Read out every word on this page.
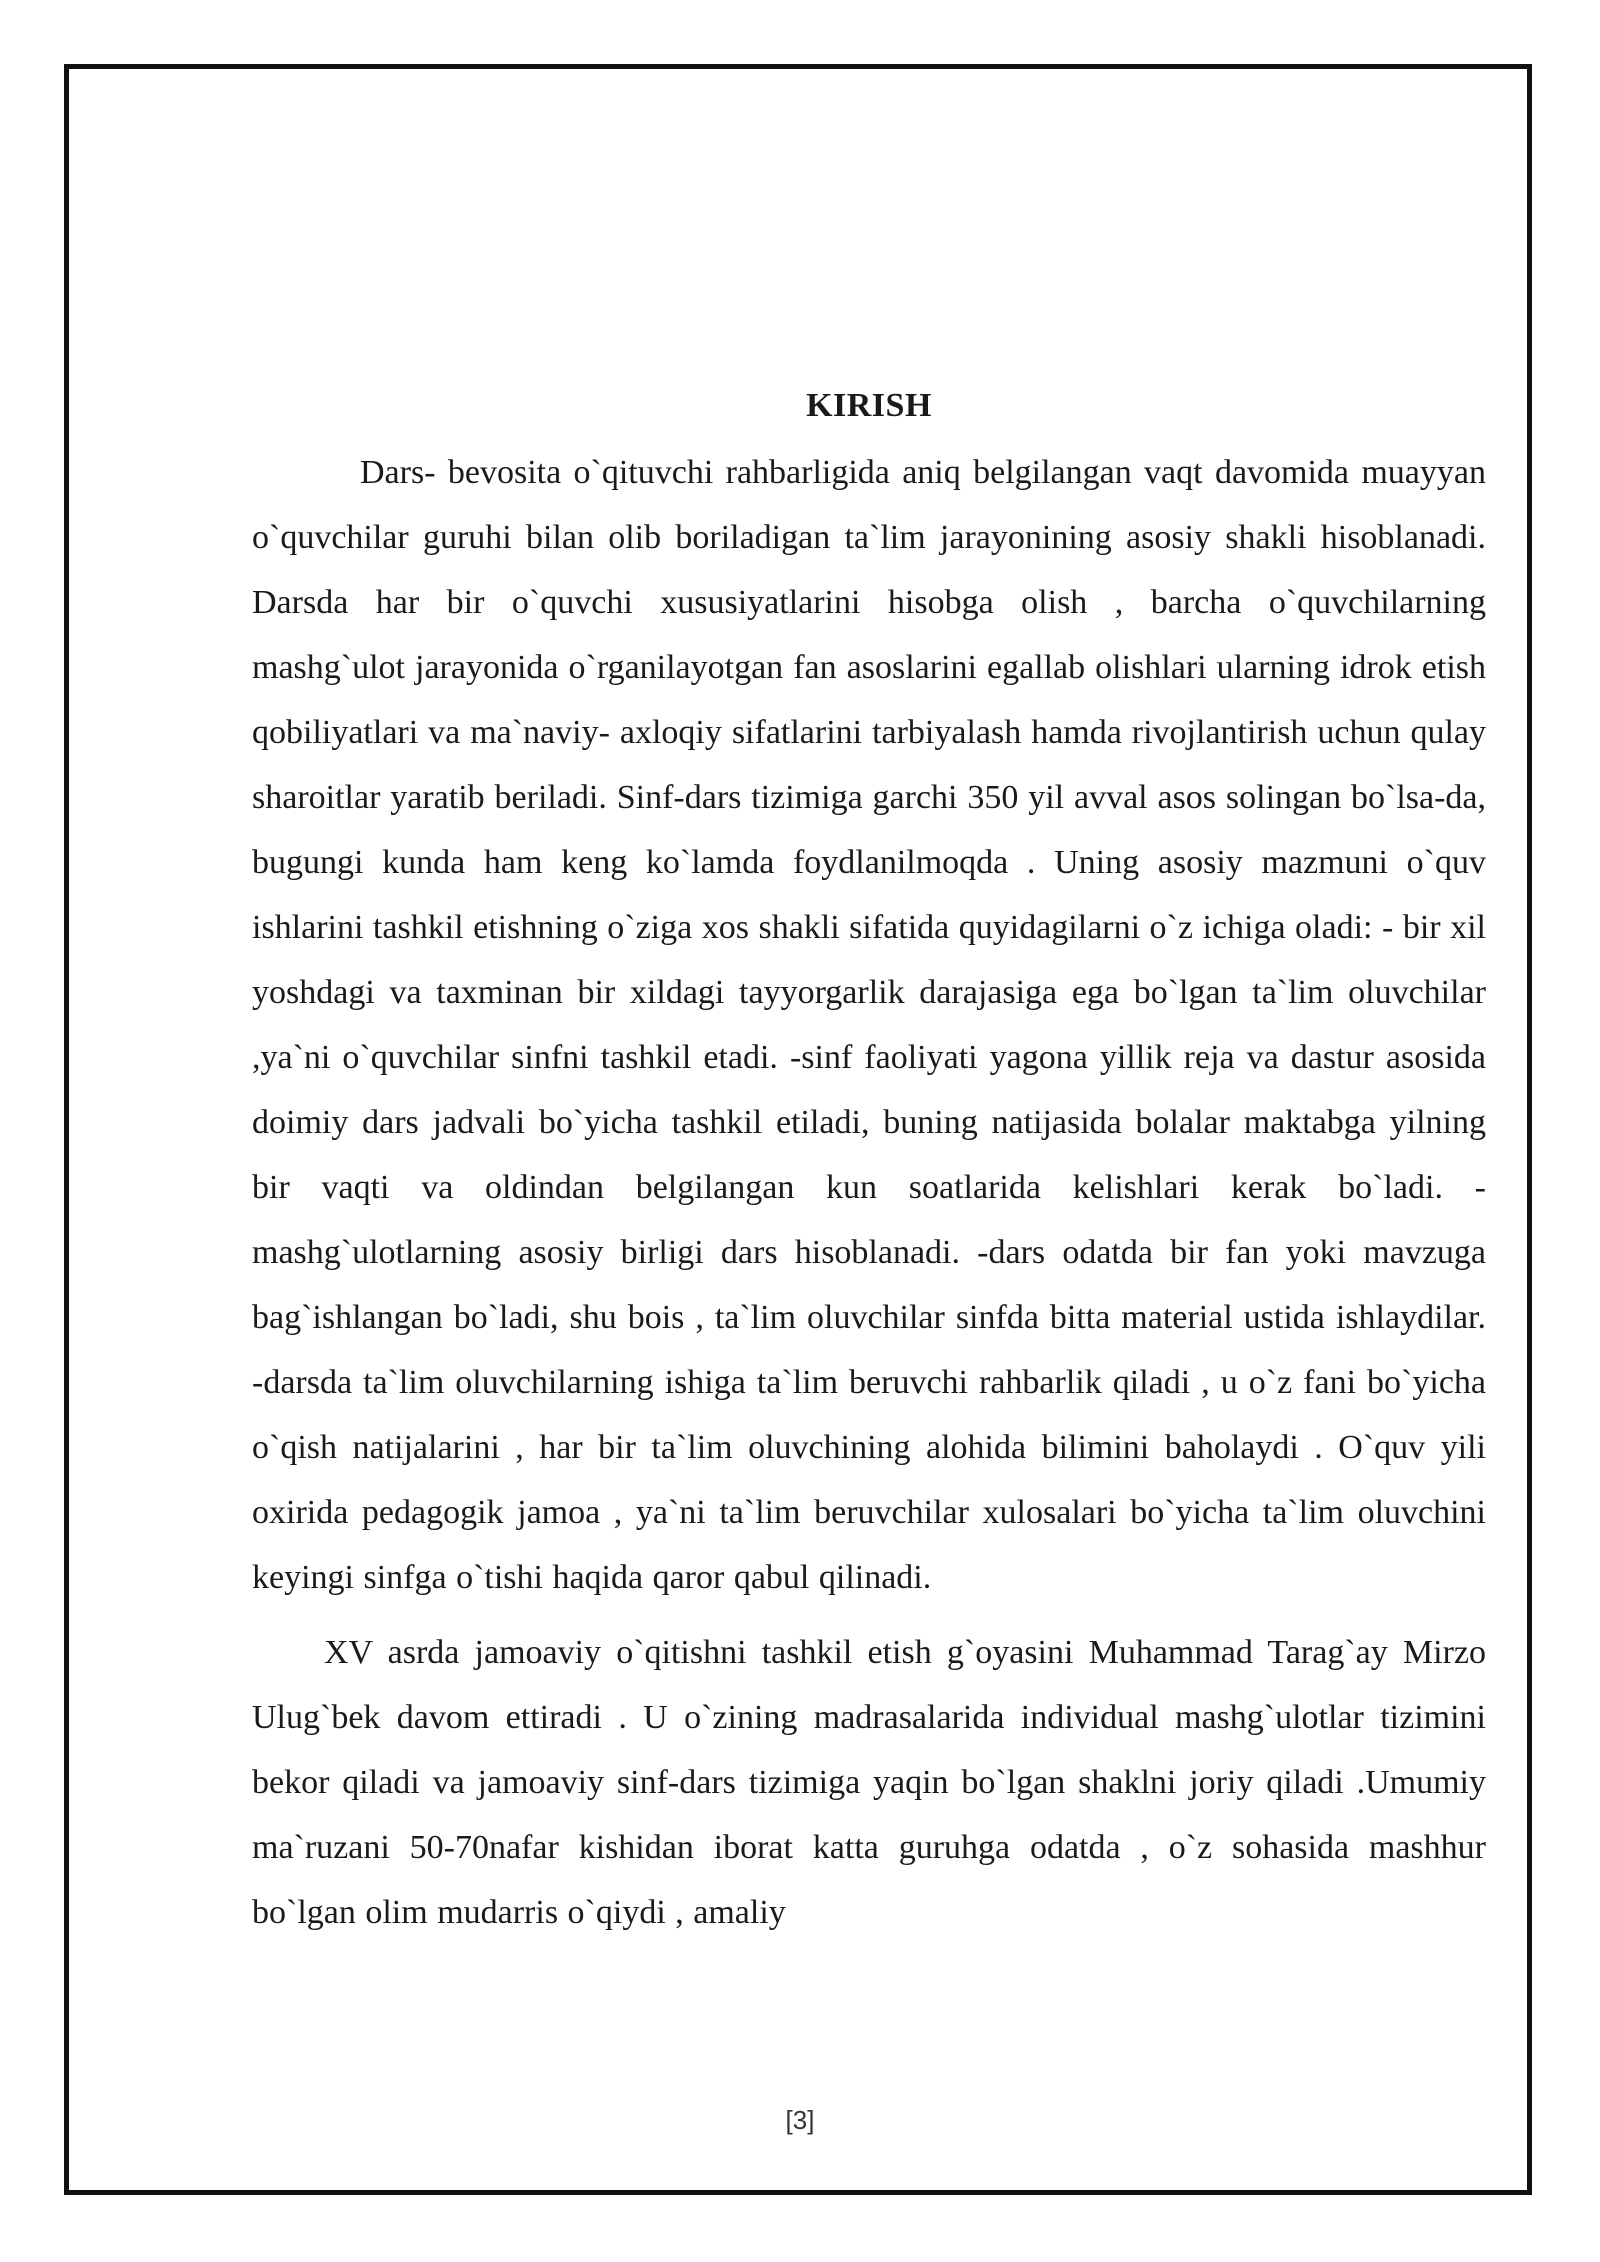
KIRISH

Dars- bevosita o`qituvchi rahbarligida aniq belgilangan vaqt davomida muayyan o`quvchilar guruhi bilan olib boriladigan ta`lim jarayonining asosiy shakli hisoblanadi. Darsda har bir o`quvchi xususiyatlarini hisobga olish , barcha o`quvchilarning mashg`ulot jarayonida o`rganilayotgan fan asoslarini egallab olishlari ularning idrok etish qobiliyatlari va ma`naviy- axloqiy sifatlarini tarbiyalash hamda rivojlantirish uchun qulay sharoitlar yaratib beriladi. Sinf-dars tizimiga garchi 350 yil avval asos solingan bo`lsa-da, bugungi kunda ham keng ko`lamda foydlanilmoqda . Uning asosiy mazmuni o`quv ishlarini tashkil etishning o`ziga xos shakli sifatida quyidagilarni o`z ichiga oladi: - bir xil yoshdagi va taxminan bir xildagi tayyorgarlik darajasiga ega bo`lgan ta`lim oluvchilar ,ya`ni o`quvchilar sinfni tashkil etadi. -sinf faoliyati yagona yillik reja va dastur asosida doimiy dars jadvali bo`yicha tashkil etiladi, buning natijasida bolalar maktabga yilning bir vaqti va oldindan belgilangan kun soatlarida kelishlari kerak bo`ladi. -mashg`ulotlarning asosiy birligi dars hisoblanadi. -dars odatda bir fan yoki mavzuga bag`ishlangan bo`ladi, shu bois , ta`lim oluvchilar sinfda bitta material ustida ishlaydilar. -darsda ta`lim oluvchilarning ishiga ta`lim beruvchi rahbarlik qiladi , u o`z fani bo`yicha o`qish natijalarini , har bir ta`lim oluvchining alohida bilimini baholaydi . O`quv yili oxirida pedagogik jamoa , ya`ni ta`lim beruvchilar xulosalari bo`yicha ta`lim oluvchini keyingi sinfga o`tishi haqida qaror qabul qilinadi.

XV asrda jamoaviy o`qitishni tashkil etish g`oyasini Muhammad Tarag`ay Mirzo Ulug`bek davom ettiradi . U o`zining madrasalarida individual mashg`ulotlar tizimini bekor qiladi va jamoaviy sinf-dars tizimiga yaqin bo`lgan shaklni joriy qiladi .Umumiy ma`ruzani 50-70nafar kishidan iborat katta guruhga odatda , o`z sohasida mashhur bo`lgan olim mudarris o`qiydi , amaliy

[3]
